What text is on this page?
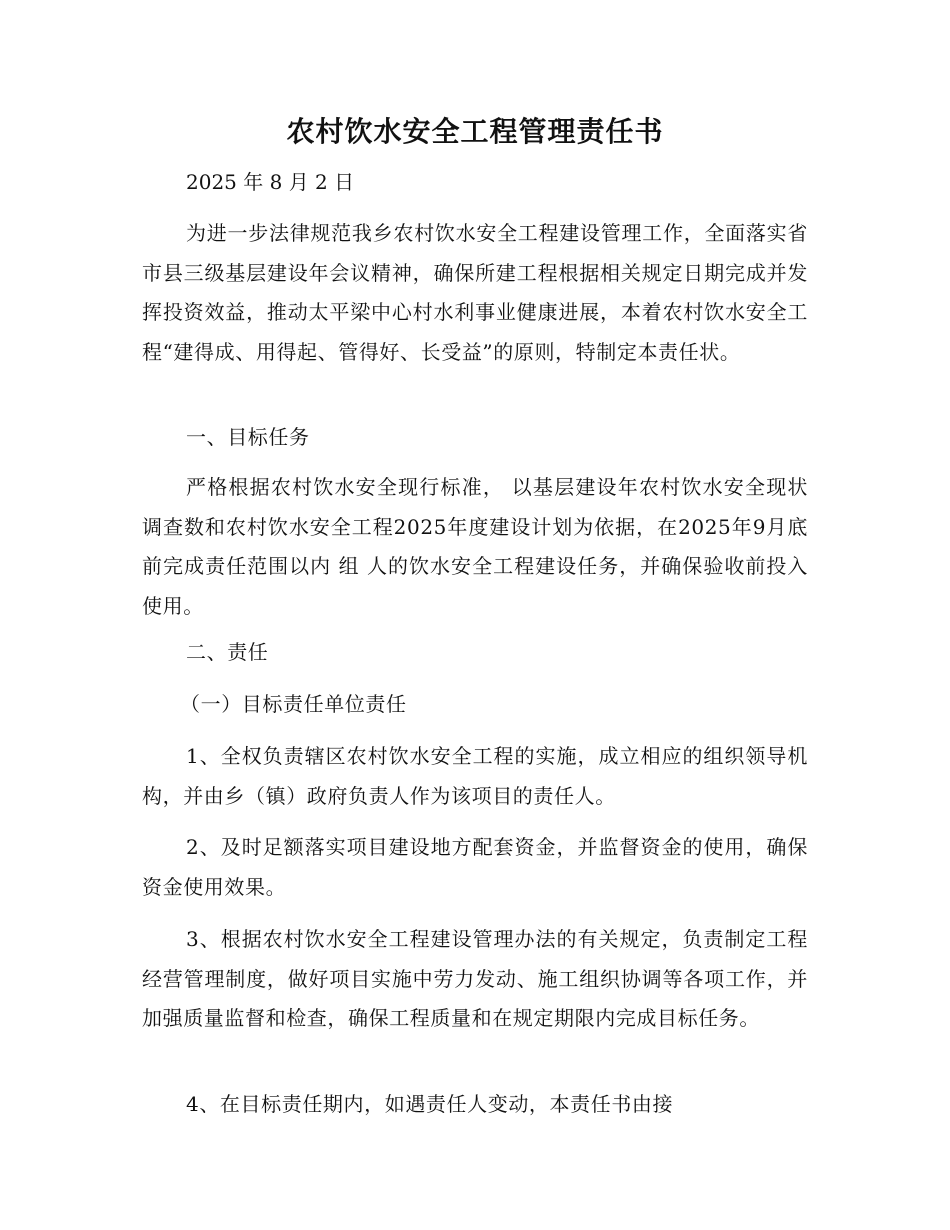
农村饮水安全工程管理责任书
2025 年 8 月 2 日
为进一步法律规范我乡农村饮水安全工程建设管理工作，全面落实省市县三级基层建设年会议精神，确保所建工程根据相关规定日期完成并发挥投资效益，推动太平梁中心村水利事业健康进展，本着农村饮水安全工程“建得成、用得起、管得好、长受益”的原则，特制定本责任状。
一、目标任务
严格根据农村饮水安全现行标准， 以基层建设年农村饮水安全现状调查数和农村饮水安全工程2025年度建设计划为依据，在2025年9月底前完成责任范围以内 组 人的饮水安全工程建设任务，并确保验收前投入使用。
二、责任
（一）目标责任单位责任
1、全权负责辖区农村饮水安全工程的实施，成立相应的组织领导机构，并由乡（镇）政府负责人作为该项目的责任人。
2、及时足额落实项目建设地方配套资金，并监督资金的使用，确保资金使用效果。
3、根据农村饮水安全工程建设管理办法的有关规定，负责制定工程经营管理制度，做好项目实施中劳力发动、施工组织协调等各项工作，并加强质量监督和检查，确保工程质量和在规定期限内完成目标任务。
4、在目标责任期内，如遇责任人变动，本责任书由接
